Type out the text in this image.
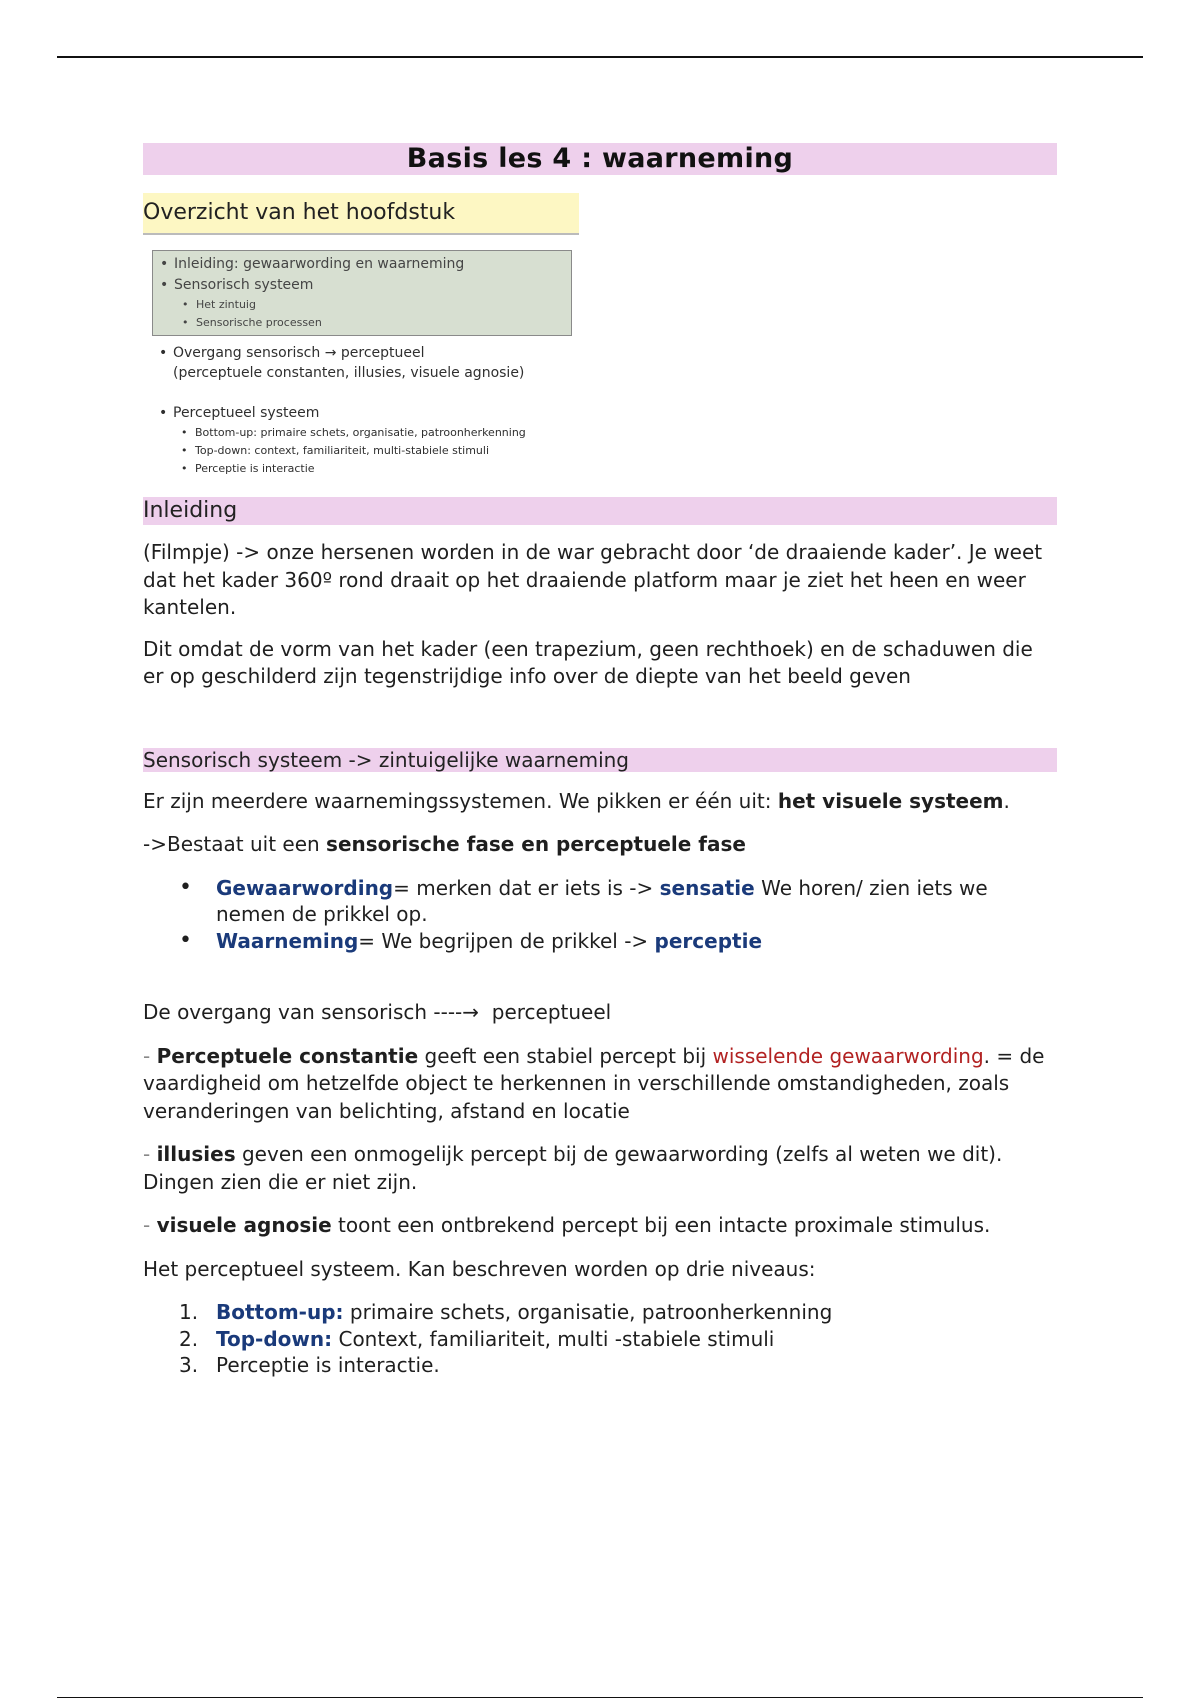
Basis les 4 : waarneming
Overzicht van het hoofdstuk
• Inleiding: gewaarwording en waarneming
• Sensorisch systeem
• Het zintuig
• Sensorische processen
• Overgang sensorisch → perceptueel
(perceptuele constanten, illusies, visuele agnosie)
• Perceptueel systeem
• Bottom-up: primaire schets, organisatie, patroonherkenning
• Top-down: context, familiariteit, multi-stabiele stimuli
• Perceptie is interactie
Inleiding

(Filmpje) -> onze hersenen worden in de war gebracht door ‘de draaiende kader’. Je weet dat het kader 360º rond draait op het draaiende platform maar je ziet het heen en weer kantelen.

Dit omdat de vorm van het kader (een trapezium, geen rechthoek) en de schaduwen die er op geschilderd zijn tegenstrijdige info over de diepte van het beeld geven

Sensorisch systeem -> zintuigelijke waarneming

Er zijn meerdere waarnemingssystemen. We pikken er één uit: het visuele systeem.

->Bestaat uit een sensorische fase en perceptuele fase

• Gewaarwording= merken dat er iets is -> sensatie We horen/ zien iets we nemen de prikkel op.
• Waarneming= We begrijpen de prikkel -> perceptie

De overgang van sensorisch ----→  perceptueel

- Perceptuele constantie geeft een stabiel percept bij wisselende gewaarwording. = de vaardigheid om hetzelfde object te herkennen in verschillende omstandigheden, zoals veranderingen van belichting, afstand en locatie

- illusies geven een onmogelijk percept bij de gewaarwording (zelfs al weten we dit). Dingen zien die er niet zijn.

- visuele agnosie toont een ontbrekend percept bij een intacte proximale stimulus.

Het perceptueel systeem. Kan beschreven worden op drie niveaus:

1. Bottom-up: primaire schets, organisatie, patroonherkenning
2. Top-down: Context, familiariteit, multi -stabiele stimuli
3. Perceptie is interactie.
